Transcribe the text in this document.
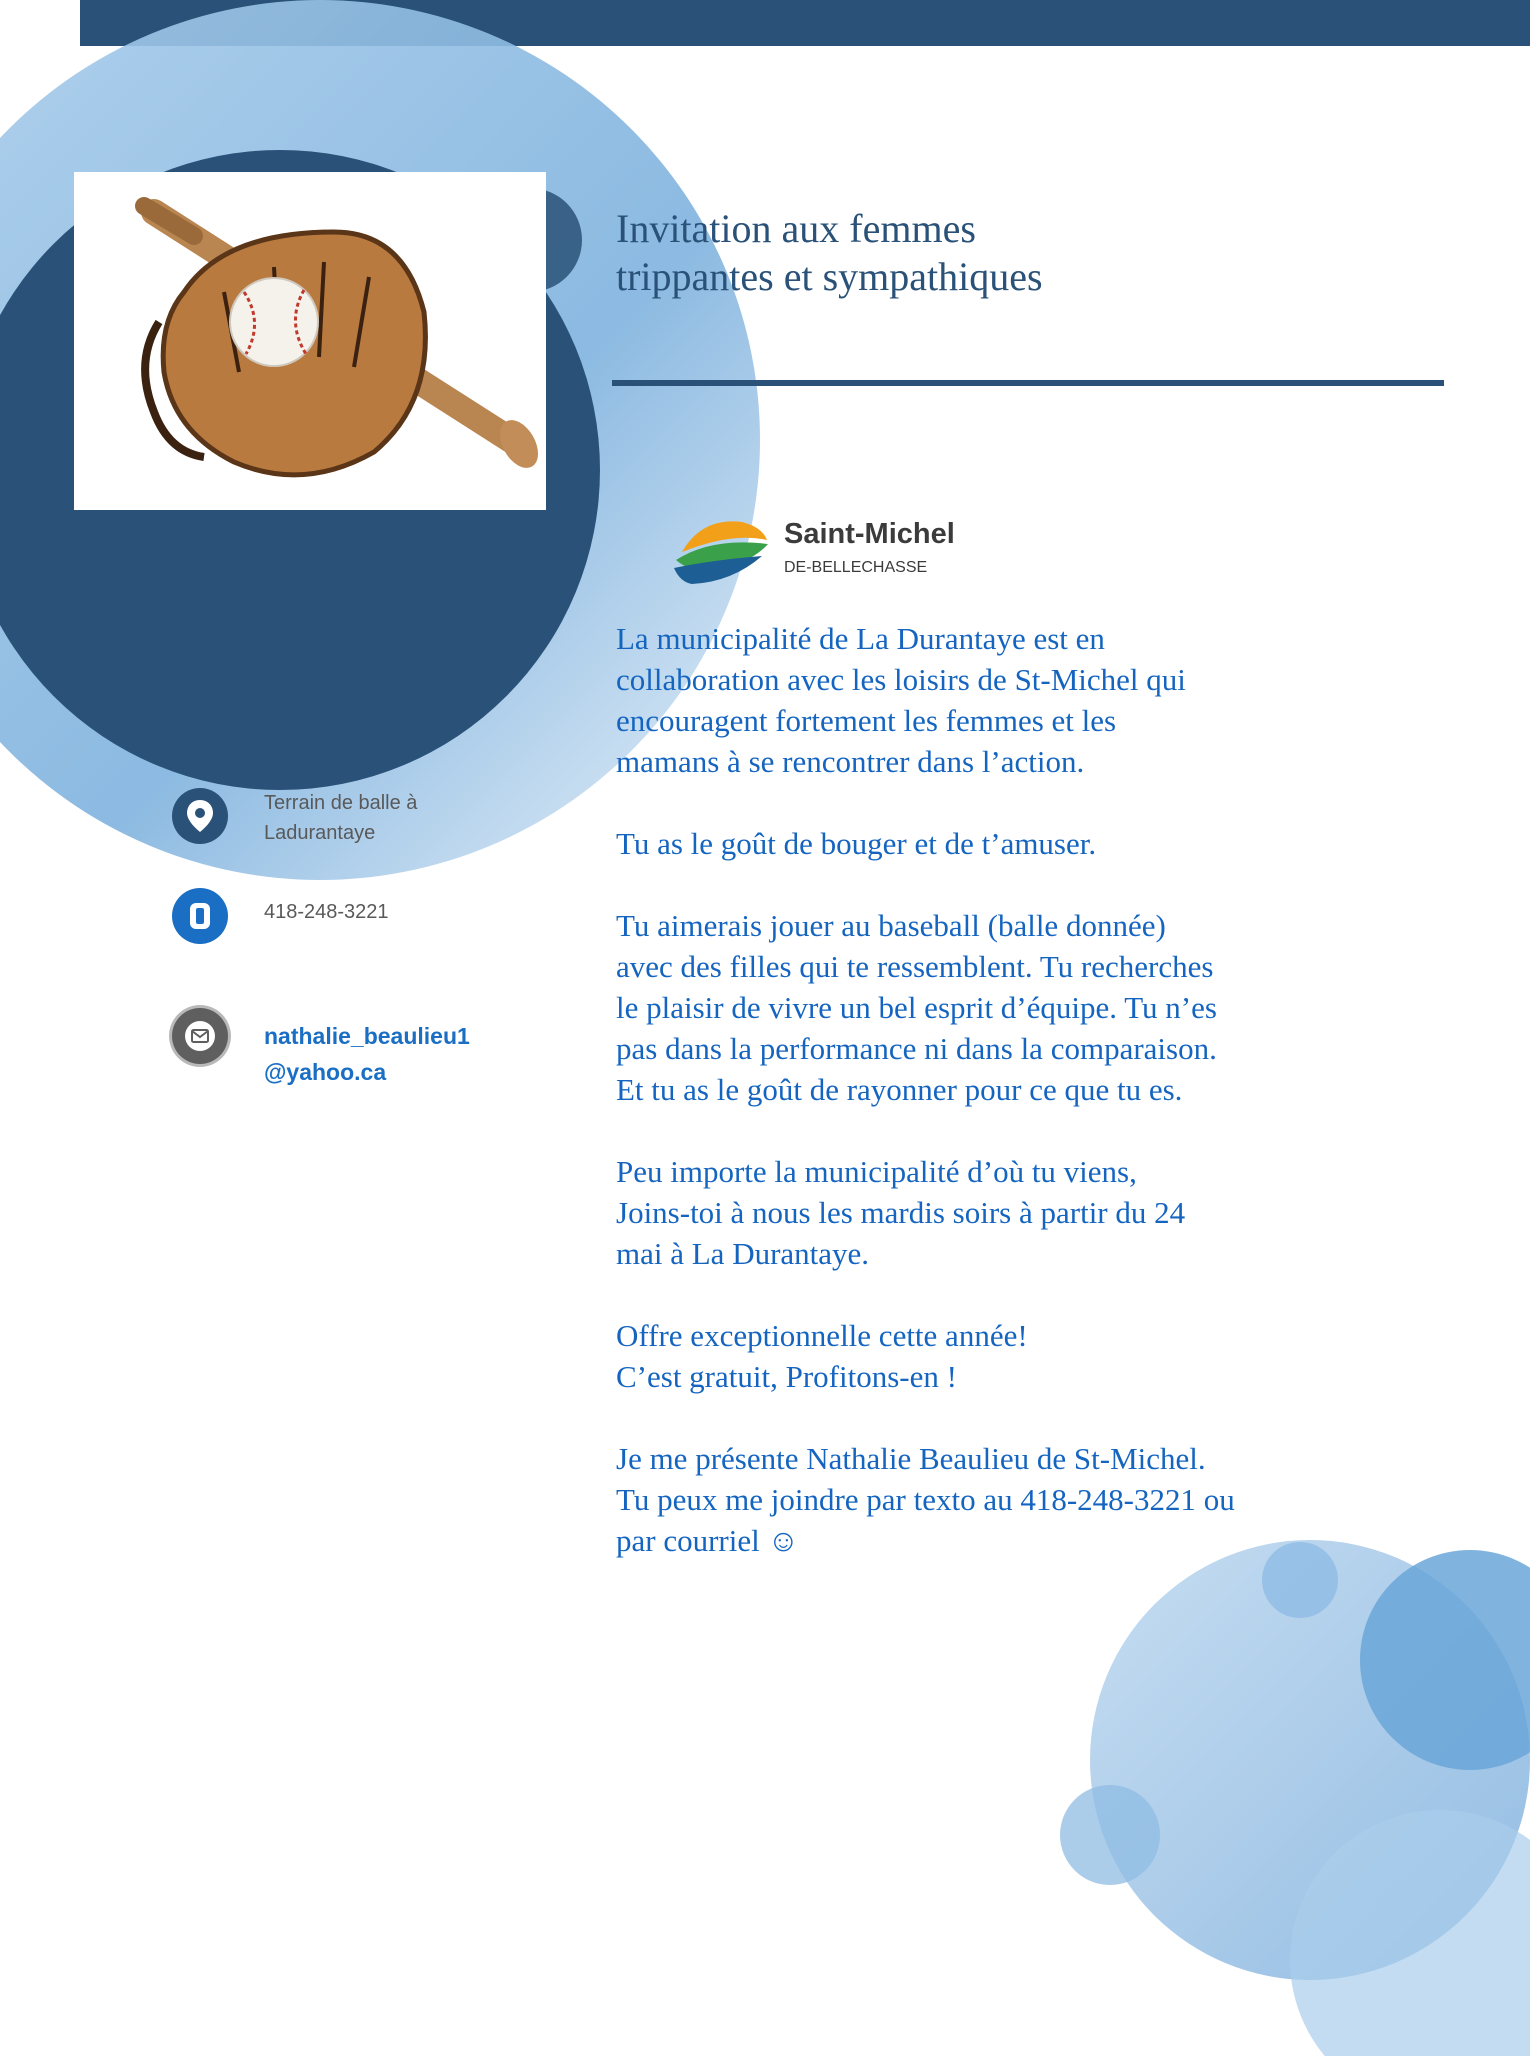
Invitation aux femmes
trippantes et sympathiques
Saint-Michel
DE-BELLECHASSE
La municipalité de La Durantaye est en
collaboration avec les loisirs de St-Michel qui
encouragent fortement les femmes et les
mamans à se rencontrer dans l’action.
Tu as le goût de bouger et de t’amuser.
Tu aimerais jouer au baseball (balle donnée)
avec des filles qui te ressemblent. Tu recherches
le plaisir de vivre un bel esprit d’équipe. Tu n’es
pas dans la performance ni dans la comparaison.
Et tu as le goût de rayonner pour ce que tu es.
Peu importe la municipalité d’où tu viens,
Joins-toi à nous les mardis soirs à partir du 24
mai à La Durantaye.
Offre exceptionnelle cette année!
C’est gratuit, Profitons-en !
Je me présente Nathalie Beaulieu de St-Michel.
Tu peux me joindre par texto au 418-248-3221 ou
par courriel ☺
Terrain de balle à
Ladurantaye
418-248-3221
nathalie_beaulieu1
@yahoo.ca
